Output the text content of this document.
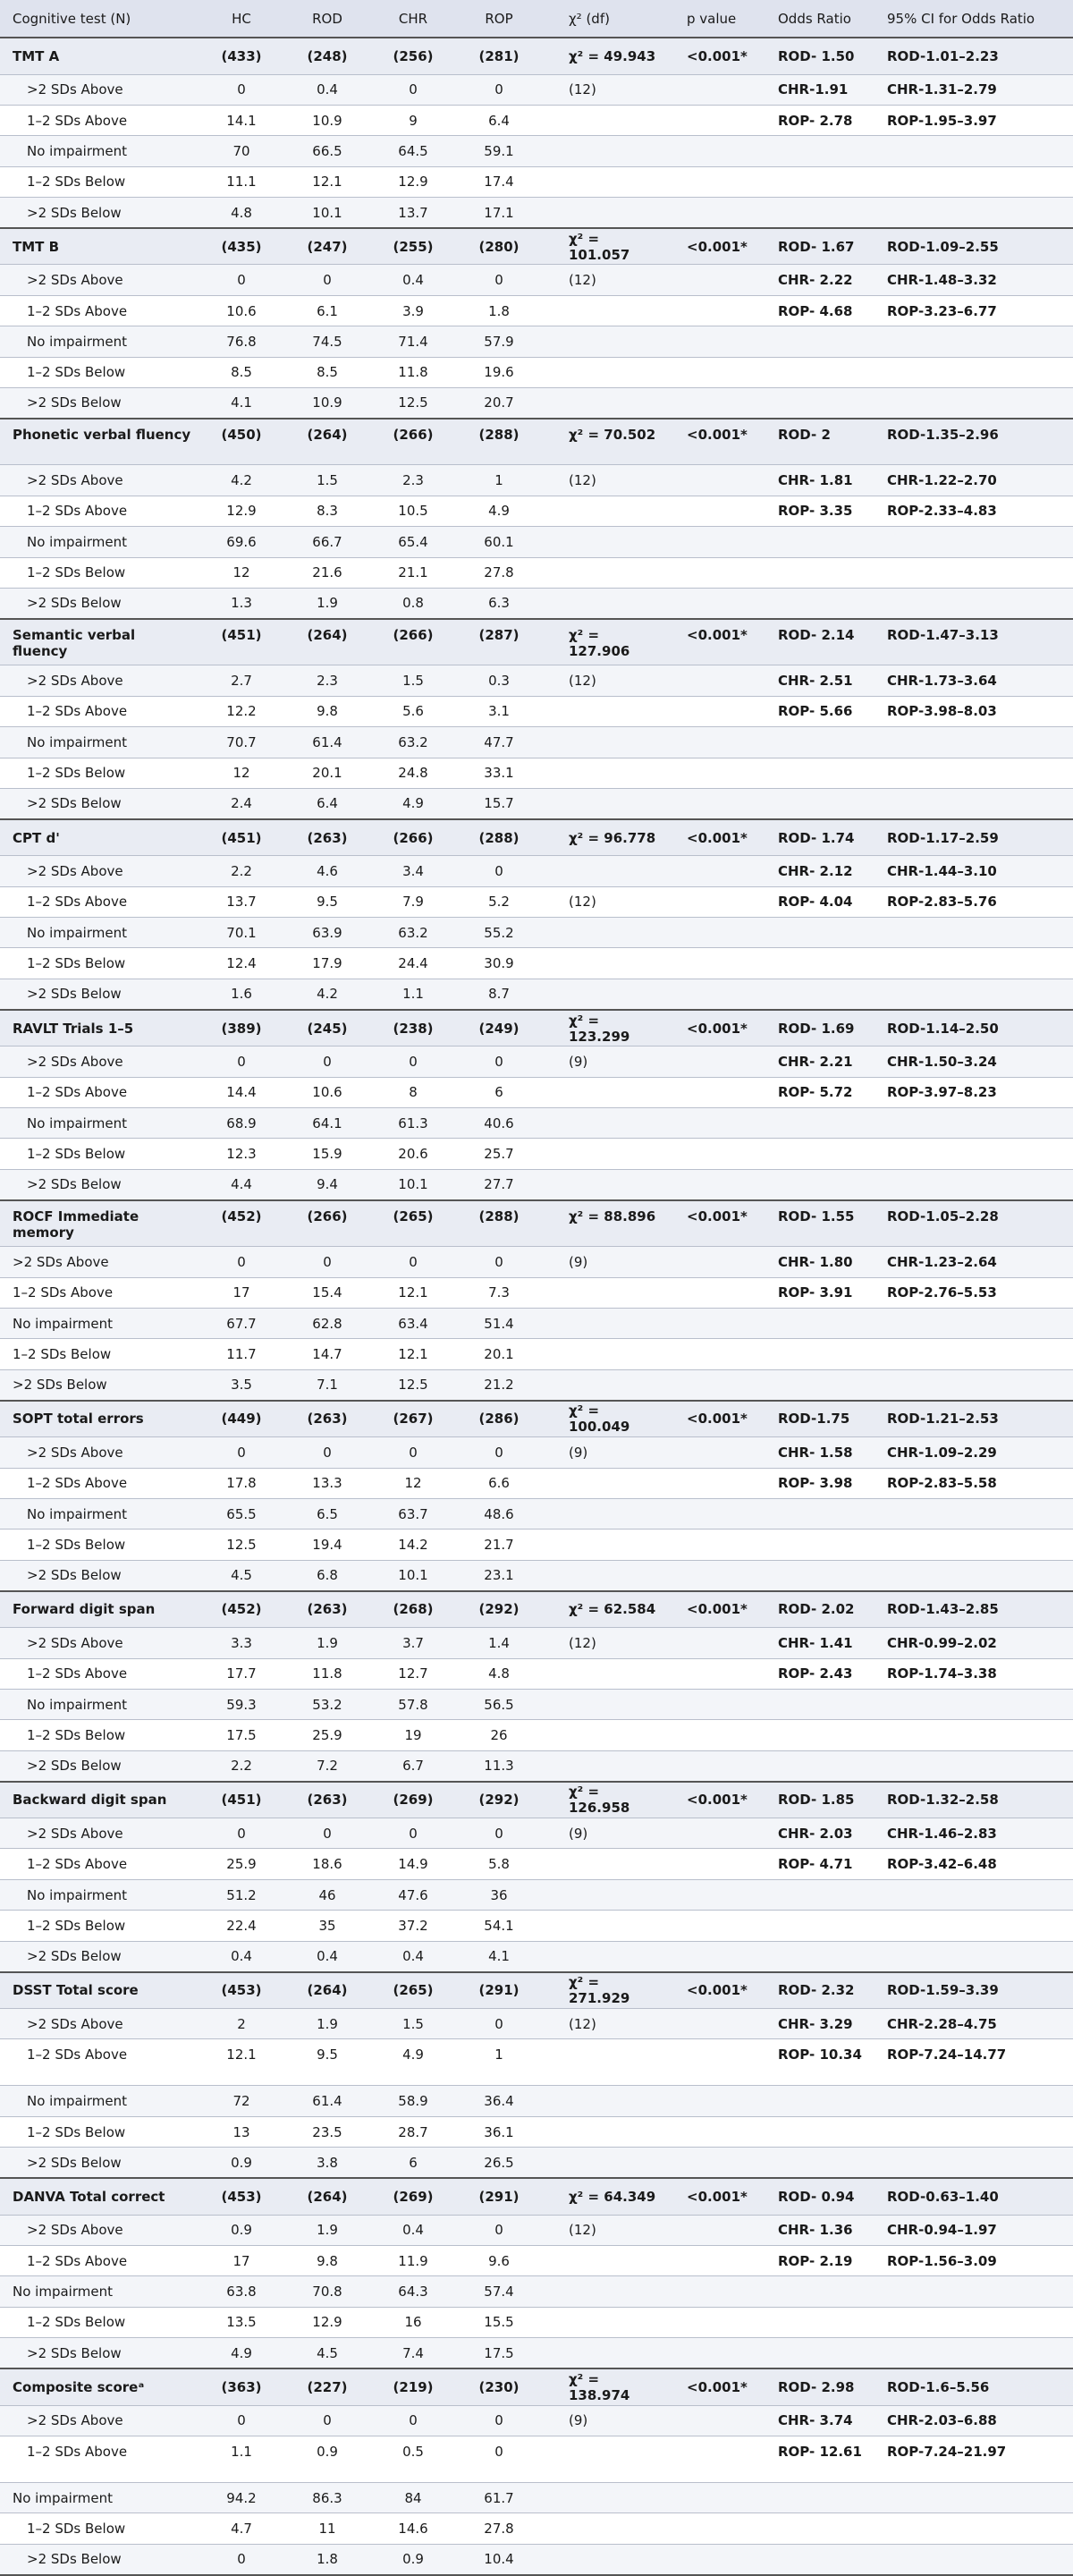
Cognitive test (N)	HC	ROD	CHR	ROP	χ² (df)	p value	Odds Ratio	95% CI for Odds Ratio
TMT A	(433)	(248)	(256)	(281)	χ² = 49.943	<0.001*	ROD- 1.50	ROD-1.01–2.23
>2 SDs Above	0	0.4	0	0	(12)		CHR-1.91	CHR-1.31–2.79
1–2 SDs Above	14.1	10.9	9	6.4			ROP- 2.78	ROP-1.95–3.97
No impairment	70	66.5	64.5	59.1				
1–2 SDs Below	11.1	12.1	12.9	17.4				
>2 SDs Below	4.8	10.1	13.7	17.1				
TMT B	(435)	(247)	(255)	(280)	χ² = 101.057	<0.001*	ROD- 1.67	ROD-1.09–2.55
>2 SDs Above	0	0	0.4	0	(12)		CHR- 2.22	CHR-1.48–3.32
1–2 SDs Above	10.6	6.1	3.9	1.8			ROP- 4.68	ROP-3.23–6.77
No impairment	76.8	74.5	71.4	57.9				
1–2 SDs Below	8.5	8.5	11.8	19.6				
>2 SDs Below	4.1	10.9	12.5	20.7				
Phonetic verbal fluency	(450)	(264)	(266)	(288)	χ² = 70.502	<0.001*	ROD- 2	ROD-1.35–2.96
>2 SDs Above	4.2	1.5	2.3	1	(12)		CHR- 1.81	CHR-1.22–2.70
1–2 SDs Above	12.9	8.3	10.5	4.9			ROP- 3.35	ROP-2.33–4.83
No impairment	69.6	66.7	65.4	60.1				
1–2 SDs Below	12	21.6	21.1	27.8				
>2 SDs Below	1.3	1.9	0.8	6.3				
Semantic verbal fluency	(451)	(264)	(266)	(287)	χ² = 127.906	<0.001*	ROD- 2.14	ROD-1.47–3.13
>2 SDs Above	2.7	2.3	1.5	0.3	(12)		CHR- 2.51	CHR-1.73–3.64
1–2 SDs Above	12.2	9.8	5.6	3.1			ROP- 5.66	ROP-3.98–8.03
No impairment	70.7	61.4	63.2	47.7				
1–2 SDs Below	12	20.1	24.8	33.1				
>2 SDs Below	2.4	6.4	4.9	15.7				
CPT d'	(451)	(263)	(266)	(288)	χ² = 96.778	<0.001*	ROD- 1.74	ROD-1.17–2.59
>2 SDs Above	2.2	4.6	3.4	0			CHR- 2.12	CHR-1.44–3.10
1–2 SDs Above	13.7	9.5	7.9	5.2	(12)		ROP- 4.04	ROP-2.83–5.76
No impairment	70.1	63.9	63.2	55.2				
1–2 SDs Below	12.4	17.9	24.4	30.9				
>2 SDs Below	1.6	4.2	1.1	8.7				
RAVLT Trials 1–5	(389)	(245)	(238)	(249)	χ² = 123.299	<0.001*	ROD- 1.69	ROD-1.14–2.50
>2 SDs Above	0	0	0	0	(9)		CHR- 2.21	CHR-1.50–3.24
1–2 SDs Above	14.4	10.6	8	6			ROP- 5.72	ROP-3.97–8.23
No impairment	68.9	64.1	61.3	40.6				
1–2 SDs Below	12.3	15.9	20.6	25.7				
>2 SDs Below	4.4	9.4	10.1	27.7				
ROCF Immediate memory	(452)	(266)	(265)	(288)	χ² = 88.896	<0.001*	ROD- 1.55	ROD-1.05–2.28
>2 SDs Above	0	0	0	0	(9)		CHR- 1.80	CHR-1.23–2.64
1–2 SDs Above	17	15.4	12.1	7.3			ROP- 3.91	ROP-2.76–5.53
No impairment	67.7	62.8	63.4	51.4				
1–2 SDs Below	11.7	14.7	12.1	20.1				
>2 SDs Below	3.5	7.1	12.5	21.2				
SOPT total errors	(449)	(263)	(267)	(286)	χ² = 100.049	<0.001*	ROD-1.75	ROD-1.21–2.53
>2 SDs Above	0	0	0	0	(9)		CHR- 1.58	CHR-1.09–2.29
1–2 SDs Above	17.8	13.3	12	6.6			ROP- 3.98	ROP-2.83–5.58
No impairment	65.5	6.5	63.7	48.6				
1–2 SDs Below	12.5	19.4	14.2	21.7				
>2 SDs Below	4.5	6.8	10.1	23.1				
Forward digit span	(452)	(263)	(268)	(292)	χ² = 62.584	<0.001*	ROD- 2.02	ROD-1.43–2.85
>2 SDs Above	3.3	1.9	3.7	1.4	(12)		CHR- 1.41	CHR-0.99–2.02
1–2 SDs Above	17.7	11.8	12.7	4.8			ROP- 2.43	ROP-1.74–3.38
No impairment	59.3	53.2	57.8	56.5				
1–2 SDs Below	17.5	25.9	19	26				
>2 SDs Below	2.2	7.2	6.7	11.3				
Backward digit span	(451)	(263)	(269)	(292)	χ² = 126.958	<0.001*	ROD- 1.85	ROD-1.32–2.58
>2 SDs Above	0	0	0	0	(9)		CHR- 2.03	CHR-1.46–2.83
1–2 SDs Above	25.9	18.6	14.9	5.8			ROP- 4.71	ROP-3.42–6.48
No impairment	51.2	46	47.6	36				
1–2 SDs Below	22.4	35	37.2	54.1				
>2 SDs Below	0.4	0.4	0.4	4.1				
DSST Total score	(453)	(264)	(265)	(291)	χ² = 271.929	<0.001*	ROD- 2.32	ROD-1.59–3.39
>2 SDs Above	2	1.9	1.5	0	(12)		CHR- 3.29	CHR-2.28–4.75
1–2 SDs Above	12.1	9.5	4.9	1			ROP- 10.34	ROP-7.24–14.77
No impairment	72	61.4	58.9	36.4				
1–2 SDs Below	13	23.5	28.7	36.1				
>2 SDs Below	0.9	3.8	6	26.5				
DANVA Total correct	(453)	(264)	(269)	(291)	χ² = 64.349	<0.001*	ROD- 0.94	ROD-0.63–1.40
>2 SDs Above	0.9	1.9	0.4	0	(12)		CHR- 1.36	CHR-0.94–1.97
1–2 SDs Above	17	9.8	11.9	9.6			ROP- 2.19	ROP-1.56–3.09
No impairment	63.8	70.8	64.3	57.4				
1–2 SDs Below	13.5	12.9	16	15.5				
>2 SDs Below	4.9	4.5	7.4	17.5				
Composite scoreᵃ	(363)	(227)	(219)	(230)	χ² = 138.974	<0.001*	ROD- 2.98	ROD-1.6–5.56
>2 SDs Above	0	0	0	0	(9)		CHR- 3.74	CHR-2.03–6.88
1–2 SDs Above	1.1	0.9	0.5	0			ROP- 12.61	ROP-7.24–21.97
No impairment	94.2	86.3	84	61.7				
1–2 SDs Below	4.7	11	14.6	27.8				
>2 SDs Below	0	1.8	0.9	10.4				
